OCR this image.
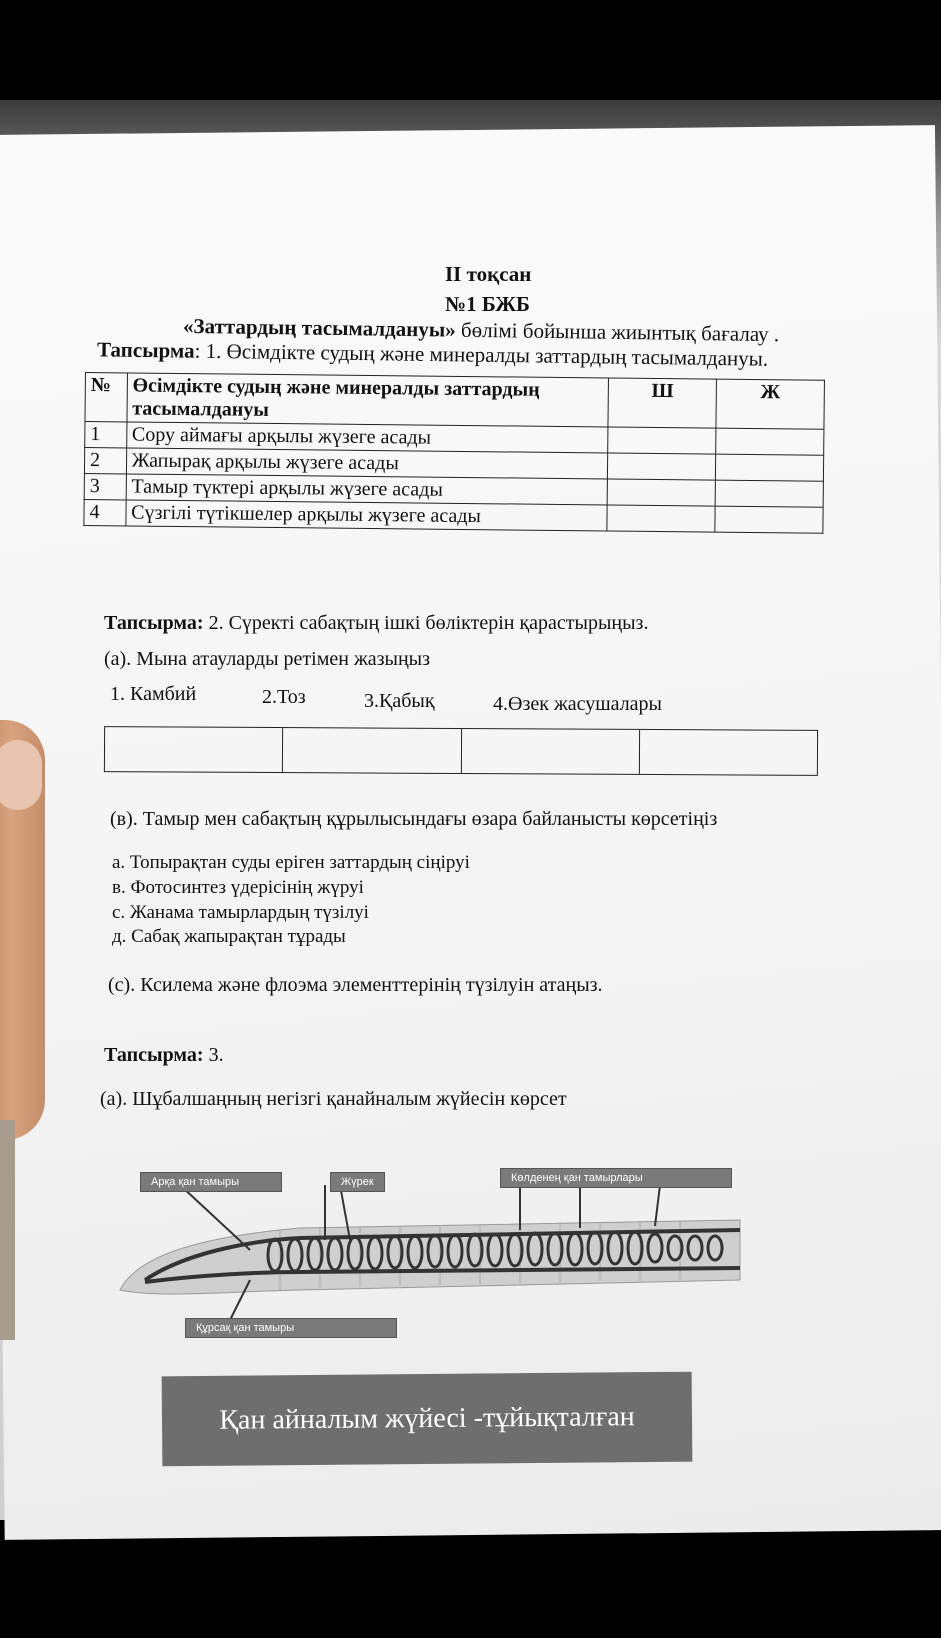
II тоқсан
№1 БЖБ
«Заттардың тасымалдануы» бөлімі бойынша жиынтық бағалау .
Тапсырма: 1. Өсімдікте судың және минералды заттардың тасымалдануы.
№	Өсімдікте судың және минералды заттардың тасымалдануы	Ш	Ж
1	Сору аймағы арқылы жүзеге асады		
2	Жапырақ арқылы жүзеге асады		
3	Тамыр түктері арқылы жүзеге асады		
4	Сүзгілі түтікшелер арқылы жүзеге асады		
Тапсырма: 2. Сүректі сабақтың ішкі бөліктерін қарастырыңыз.
(а). Мына атауларды ретімен жазыңыз
1. Камбий	2.Тоз	3.Қабық	4.Өзек жасушалары
(в). Тамыр мен сабақтың құрылысындағы өзара байланысты көрсетіңіз
а. Топырақтан суды еріген заттардың сіңіруі
в. Фотосинтез үдерісінің жүруі
с. Жанама тамырлардың түзілуі
д. Сабақ жапырақтан тұрады
(с). Ксилема және флоэма элементтерінің түзілуін атаңыз.
Тапсырма: 3.
(а). Шұбалшаңның негізгі қанайналым жүйесін көрсет
Арқа қан тамыры	Жүрек	Көлденең қан тамырлары
Құрсақ қан тамыры
Қан айналым жүйесі -тұйықталған
